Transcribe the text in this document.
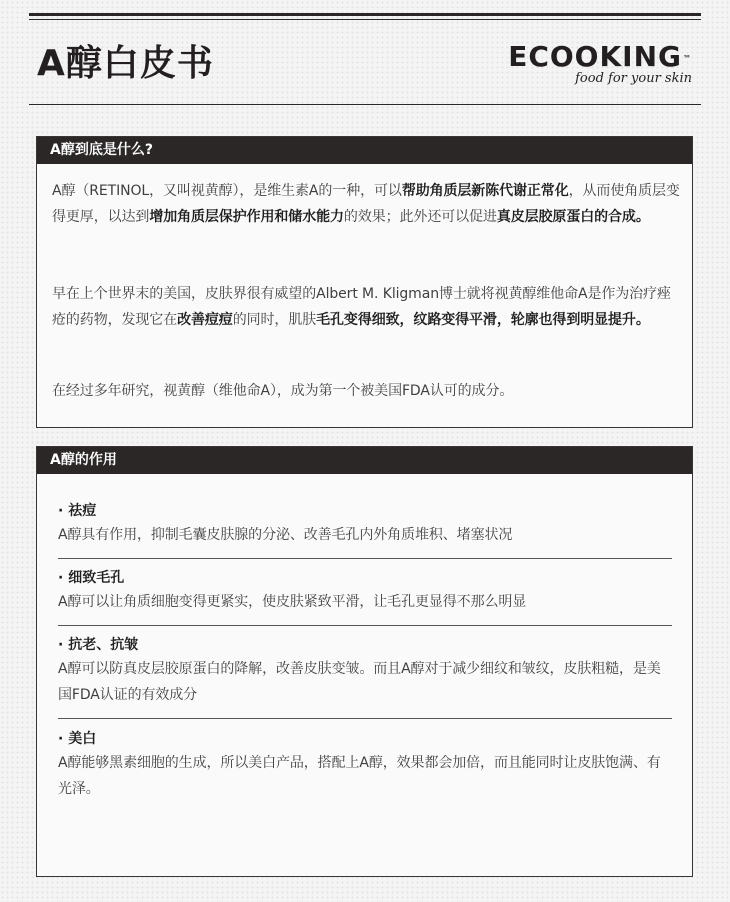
A醇白皮书	ECOOKING™
food for your skin
A醇到底是什么?

A醇（RETINOL，又叫视黄醇），是维生素A的一种，可以帮助角质层新陈代谢正常化，从而使角质层变得更厚，以达到增加角质层保护作用和储水能力的效果；此外还可以促进真皮层胶原蛋白的合成。

早在上个世界末的美国，皮肤界很有威望的Albert M. Kligman博士就将视黄醇维他命A是作为治疗痤疮的药物，发现它在改善痘痘的同时，肌肤毛孔变得细致，纹路变得平滑，轮廓也得到明显提升。

在经过多年研究，视黄醇（维他命A），成为第一个被美国FDA认可的成分。

A醇的作用

· 祛痘

A醇具有作用，抑制毛囊皮肤腺的分泌、改善毛孔内外角质堆积、堵塞状况

· 细致毛孔

A醇可以让角质细胞变得更紧实，使皮肤紧致平滑，让毛孔更显得不那么明显

· 抗老、抗皱

A醇可以防真皮层胶原蛋白的降解，改善皮肤变皱。而且A醇对于减少细纹和皱纹，皮肤粗糙，是美国FDA认证的有效成分

· 美白

A醇能够黑素细胞的生成，所以美白产品，搭配上A醇，效果都会加倍，而且能同时让皮肤饱满、有光泽。
